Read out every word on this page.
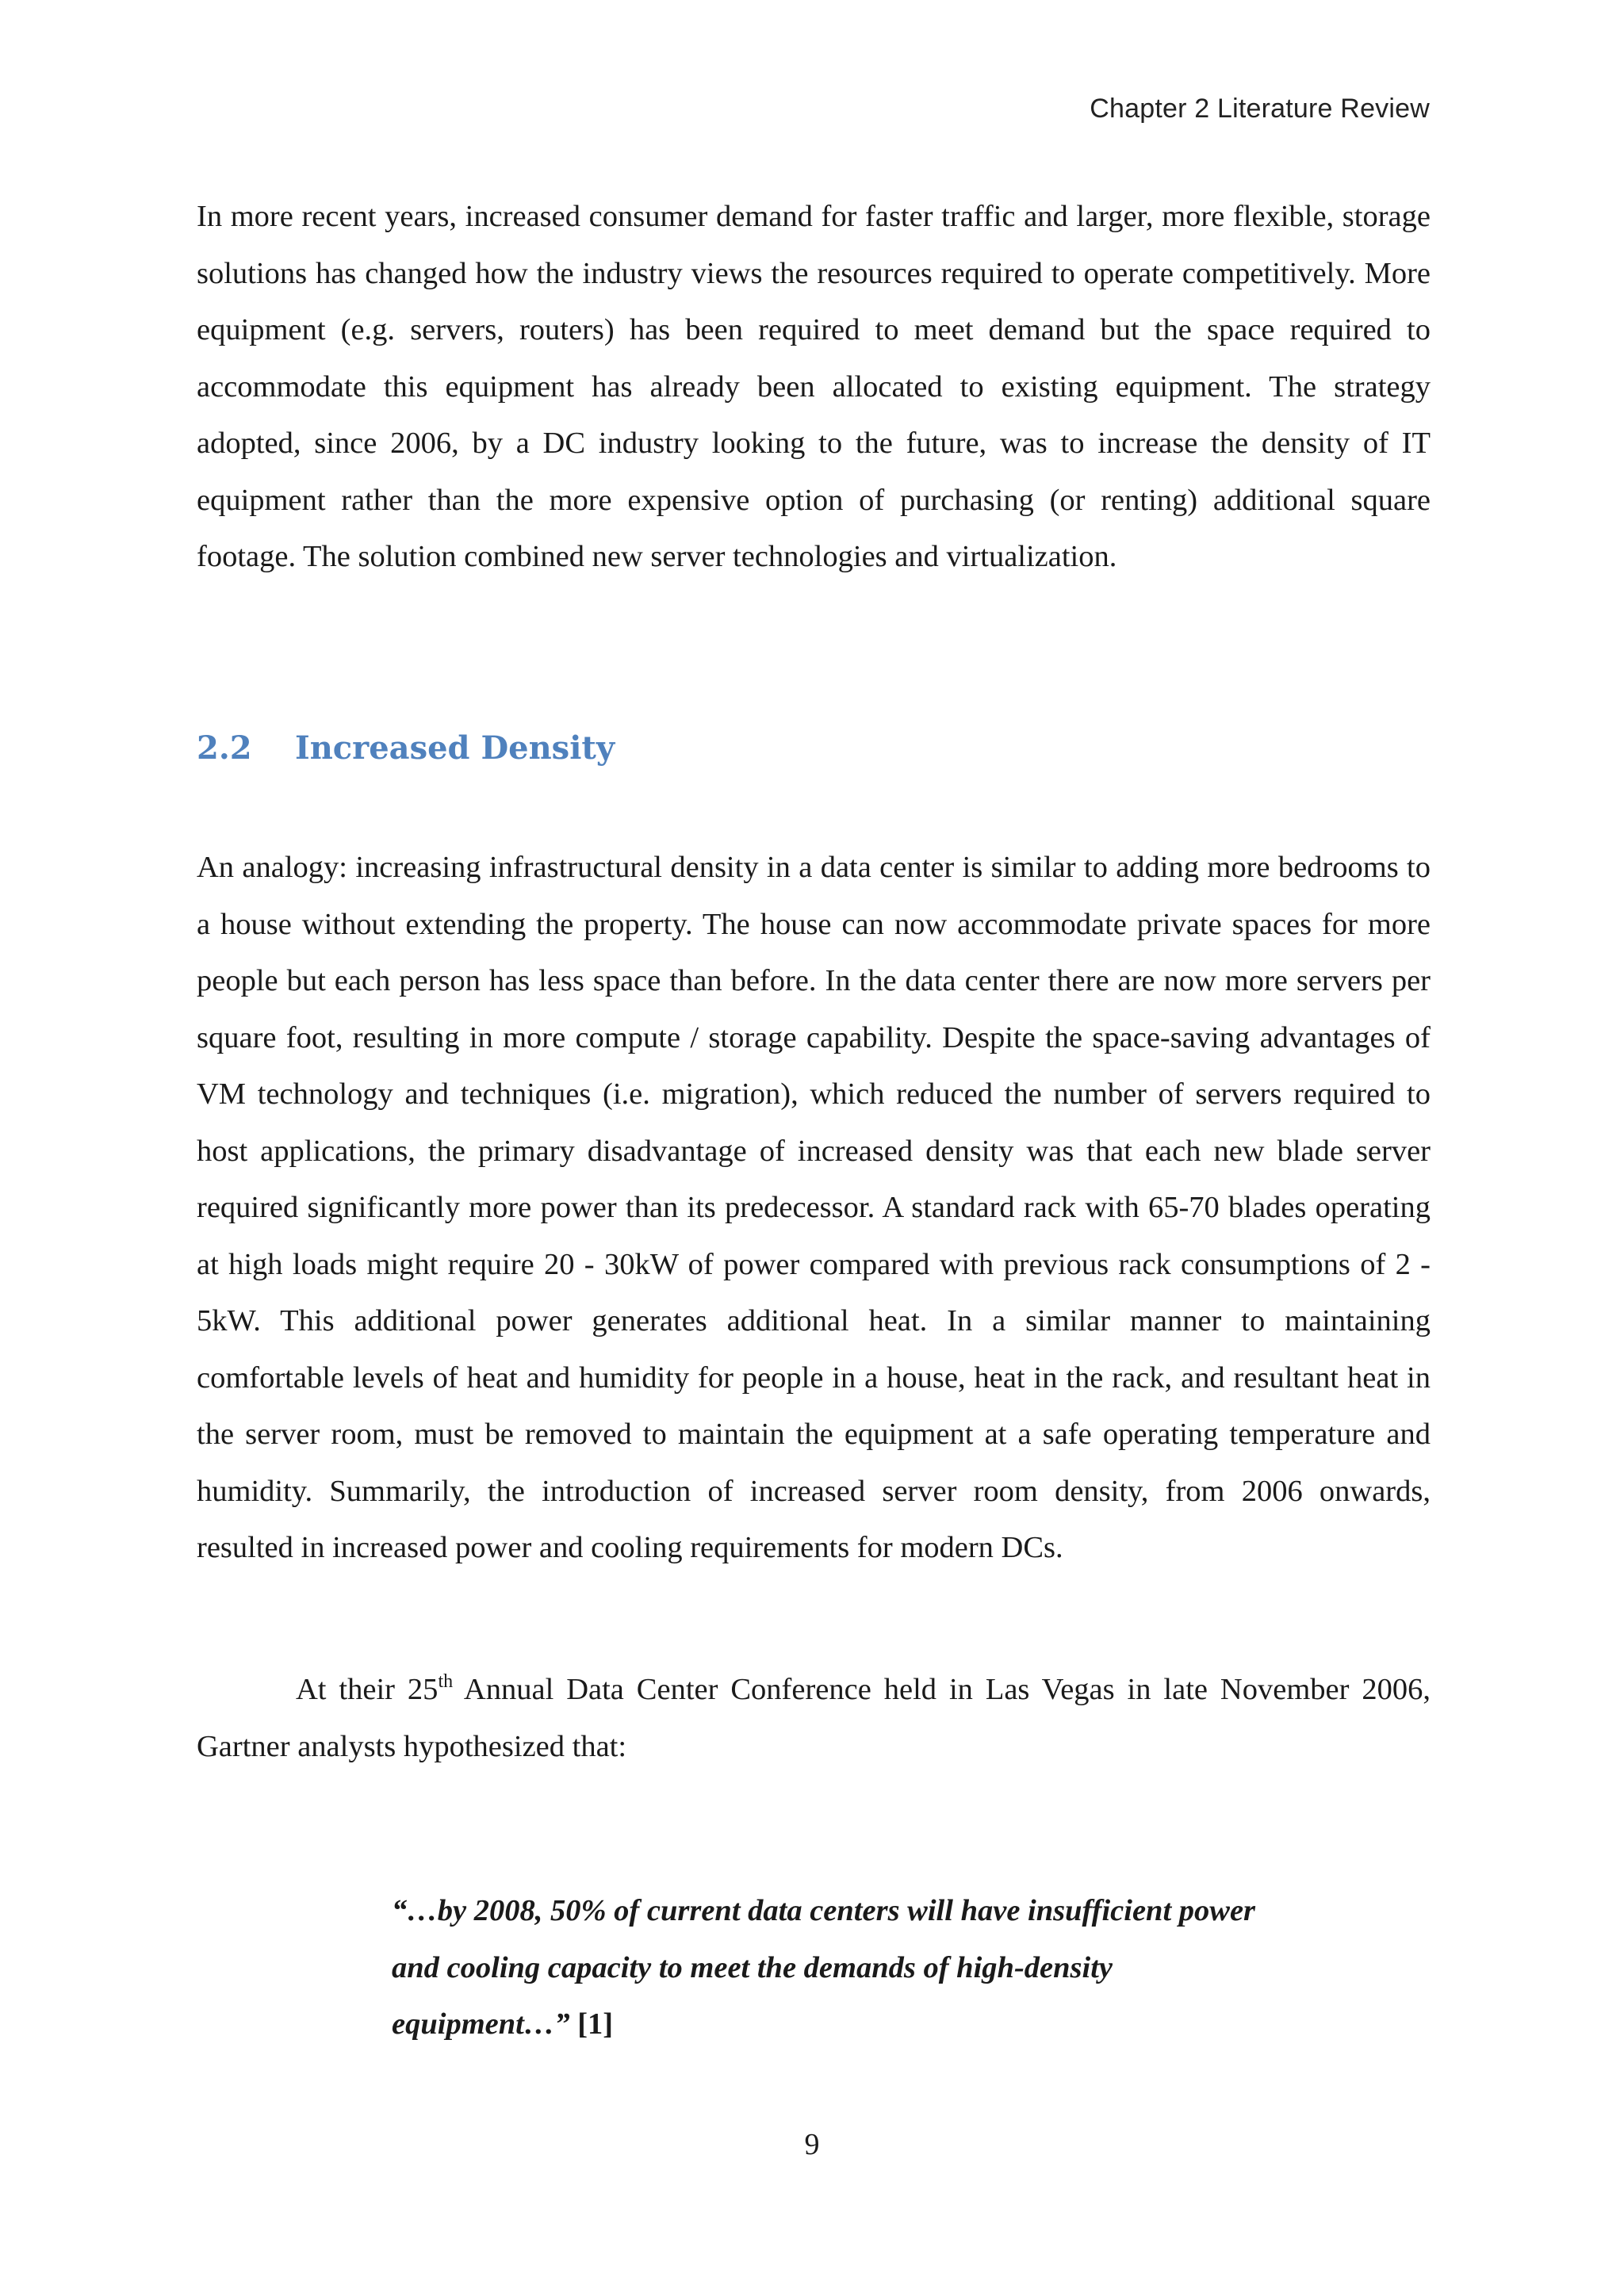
Chapter 2 Literature Review

In more recent years, increased consumer demand for faster traffic and larger, more flexible, storage solutions has changed how the industry views the resources required to operate competitively. More equipment (e.g. servers, routers) has been required to meet demand but the space required to accommodate this equipment has already been allocated to existing equipment. The strategy adopted, since 2006, by a DC industry looking to the future, was to increase the density of IT equipment rather than the more expensive option of purchasing (or renting) additional square footage. The solution combined new server technologies and virtualization.

2.2	Increased Density

An analogy: increasing infrastructural density in a data center is similar to adding more bedrooms to a house without extending the property. The house can now accommodate private spaces for more people but each person has less space than before. In the data center there are now more servers per square foot, resulting in more compute / storage capability. Despite the space-saving advantages of VM technology and techniques (i.e. migration), which reduced the number of servers required to host applications, the primary disadvantage of increased density was that each new blade server required significantly more power than its predecessor. A standard rack with 65-70 blades operating at high loads might require 20 - 30kW of power compared with previous rack consumptions of 2 - 5kW. This additional power generates additional heat. In a similar manner to maintaining comfortable levels of heat and humidity for people in a house, heat in the rack, and resultant heat in the server room, must be removed to maintain the equipment at a safe operating temperature and humidity. Summarily, the introduction of increased server room density, from 2006 onwards, resulted in increased power and cooling requirements for modern DCs.

At their 25th Annual Data Center Conference held in Las Vegas in late November 2006, Gartner analysts hypothesized that:

“…by 2008, 50% of current data centers will have insufficient power and cooling capacity to meet the demands of high-density equipment…” [1]

9
